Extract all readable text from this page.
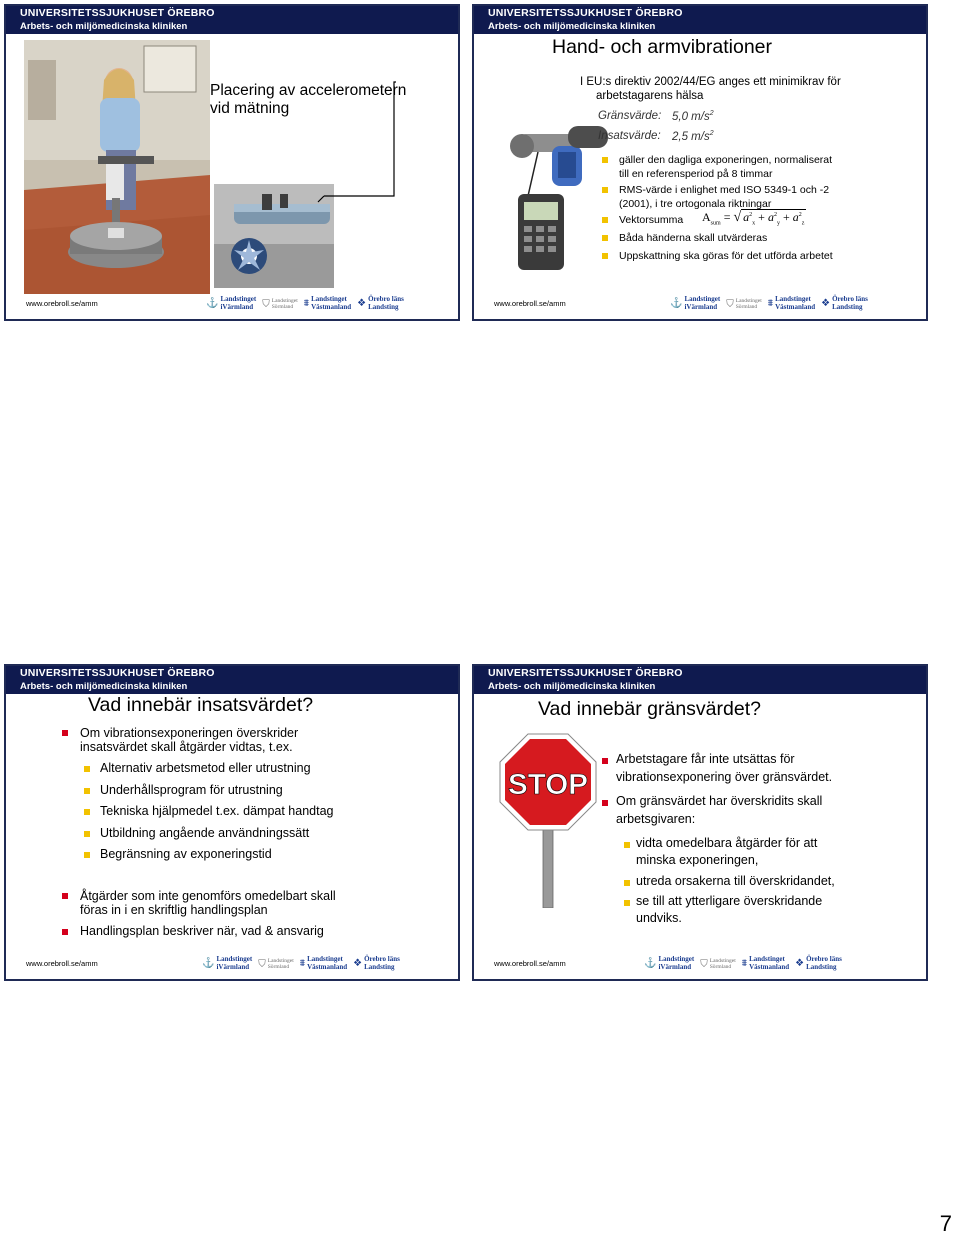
UNIVERSITETSSJUKHUSET ÖREBRO
Arbets- och miljömedicinska kliniken
Placering av accelerometern
vid mätning
www.orebroll.se/amm	⚓ Landstinget
iVärmland ⛉ Landstinget
Sörmland	⩩ Landstinget
Västmanland ❖ Örebro läns
Landsting
UNIVERSITETSSJUKHUSET ÖREBRO
Arbets- och miljömedicinska kliniken
Hand- och armvibrationer
I EU:s direktiv 2002/44/EG anges ett minimikrav för
arbetstagarens hälsa
Gränsvärde: 5,0 $m/s^2$
Insatsvärde: 2,5 $m/s^2$
gäller den dagliga exponeringen, normaliserat
till en referensperiod på 8 timmar
RMS-värde i enlighet med ISO 5349-1 och -2
(2001), i tre ortogonala riktningar
Vektorsumma $A_{sum}$ = √ $a^2_x + a^2_y + a^2_z$
Båda händerna skall utvärderas
Uppskattning ska göras för det utförda arbetet
www.orebroll.se/amm	⚓ Landstinget
iVärmland ⛉ Landstinget
Sörmland	⩩ Landstinget
Västmanland ❖ Örebro läns
Landsting
UNIVERSITETSSJUKHUSET ÖREBRO
Arbets- och miljömedicinska kliniken
Vad innebär insatsvärdet?
Om vibrationsexponeringen överskrider
insatsvärdet skall åtgärder vidtas, t.ex.
Alternativ arbetsmetod eller utrustning
Underhållsprogram för utrustning
Tekniska hjälpmedel t.ex. dämpat handtag
Utbildning angående användningssätt
Begränsning av exponeringstid
Åtgärder som inte genomförs omedelbart skall
föras in i en skriftlig handlingsplan
Handlingsplan beskriver när, vad & ansvarig
www.orebroll.se/amm	⚓ Landstinget
iVärmland ⛉ Landstinget
Sörmland	⩩ Landstinget
Västmanland ❖ Örebro läns
Landsting
UNIVERSITETSSJUKHUSET ÖREBRO
Arbets- och miljömedicinska kliniken
Vad innebär gränsvärdet?
STOP
Arbetstagare får inte utsättas för
vibrationsexponering över gränsvärdet.
Om gränsvärdet har överskridits skall
arbetsgivaren:
vidta omedelbara åtgärder för att
minska exponeringen,
utreda orsakerna till överskridandet,
se till att ytterligare överskridande
undviks.
www.orebroll.se/amm	⚓ Landstinget
iVärmland ⛉ Landstinget
Sörmland	⩩ Landstinget
Västmanland ❖ Örebro läns
Landsting
7
